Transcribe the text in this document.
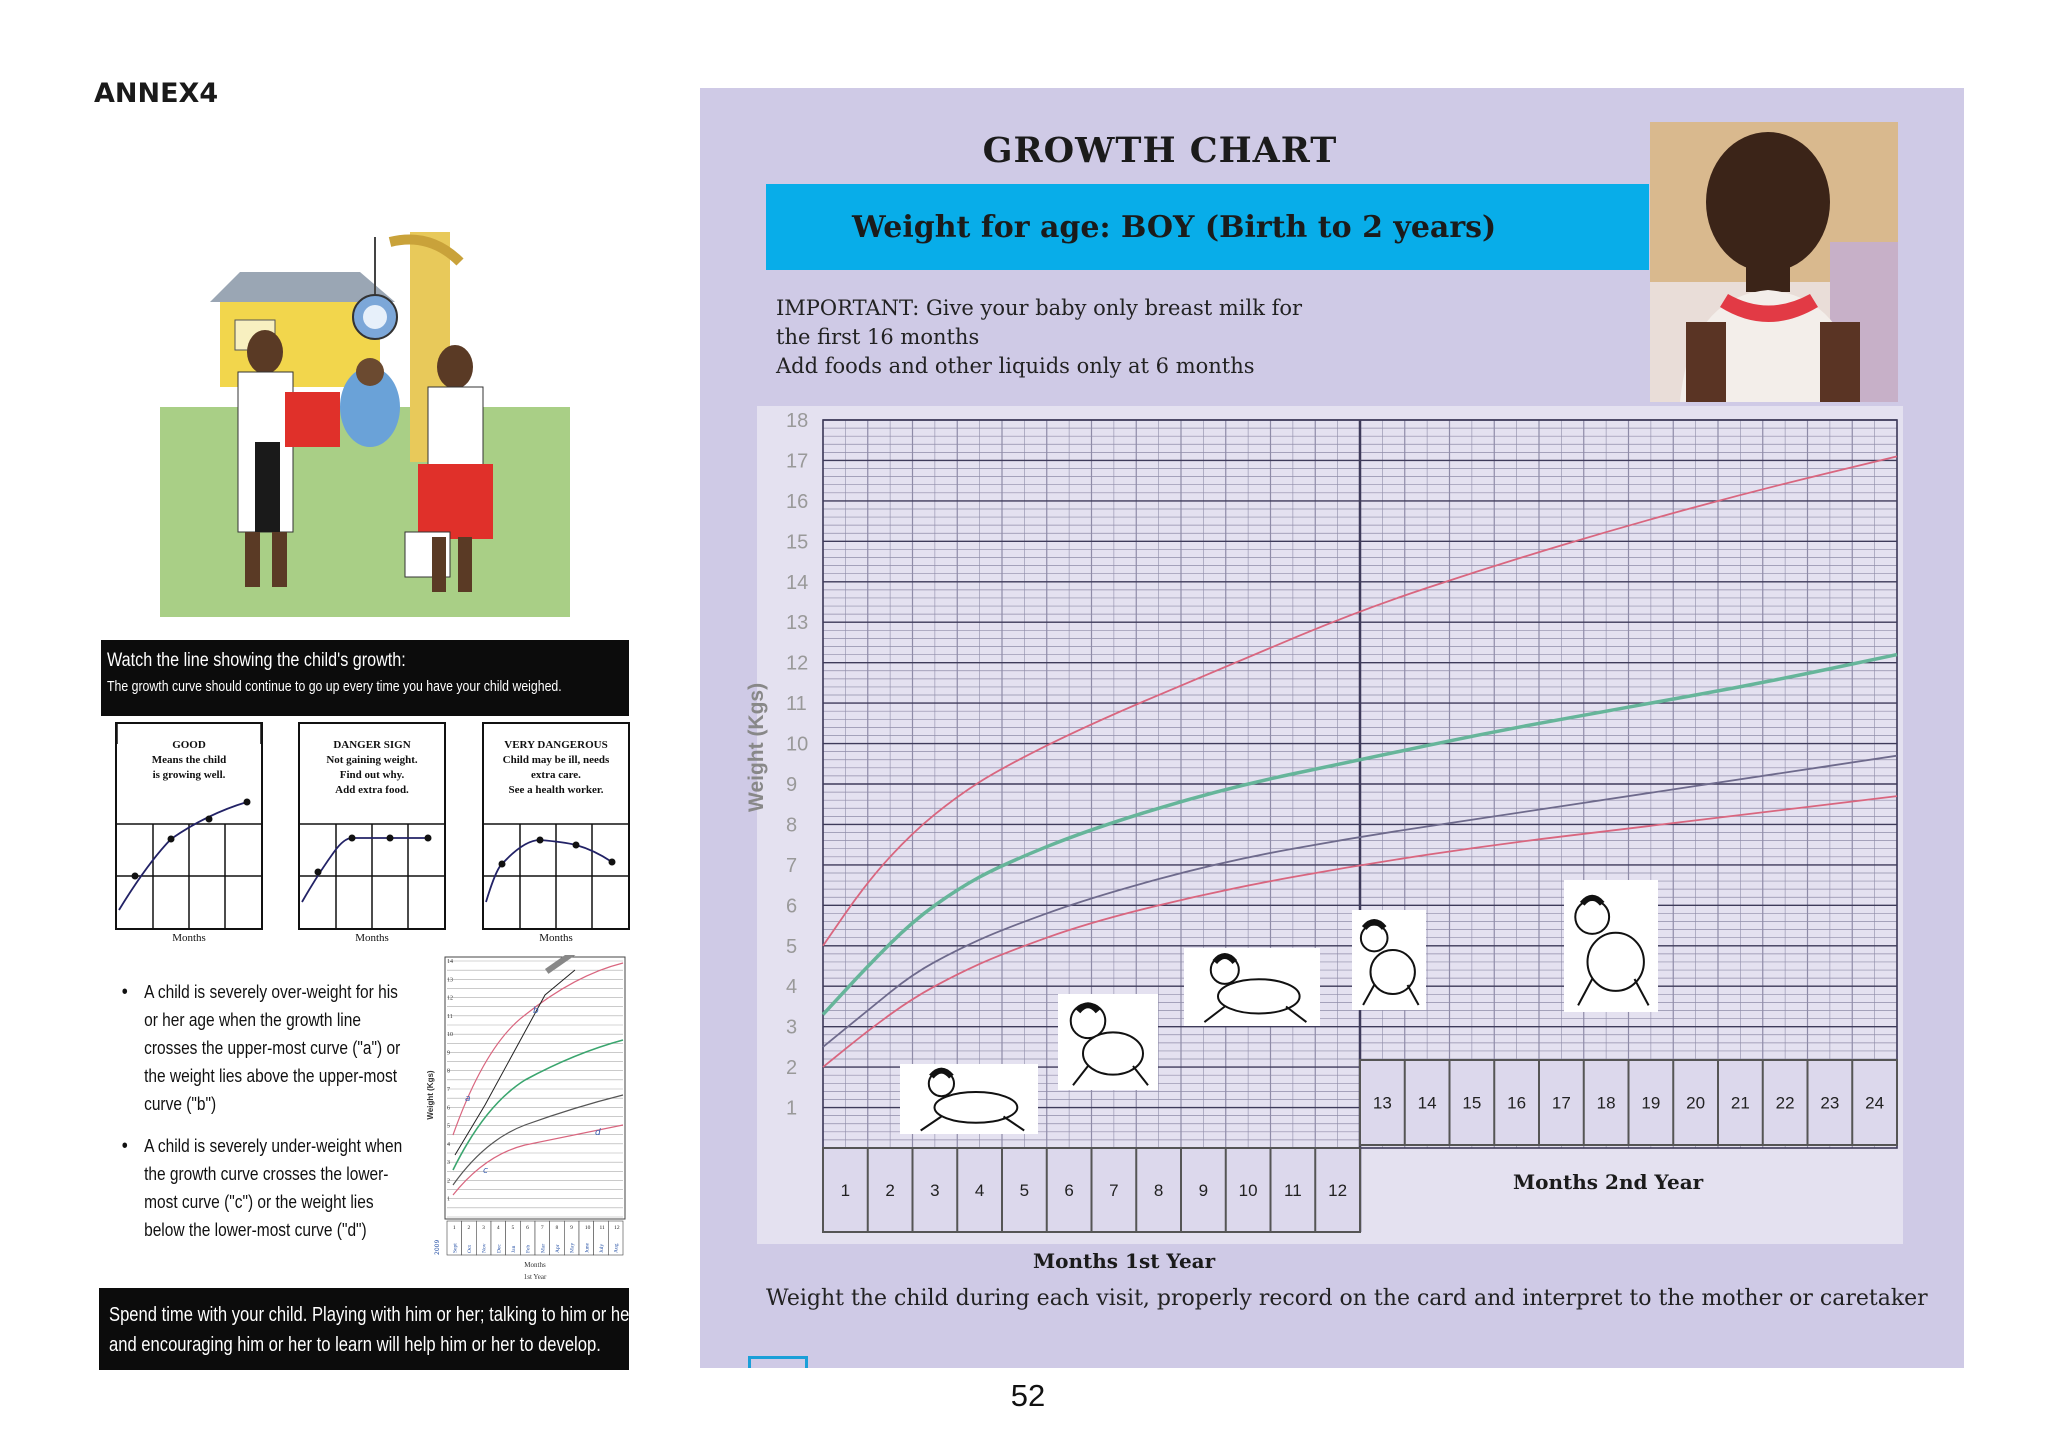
ANNEX4
Watch the line showing the child's growth:
The growth curve should continue to go up every time you have your child weighed.
GOOD
Means the child
is growing well.
Months
DANGER SIGN
Not gaining weight.
Find out why.
Add extra food.
Months
VERY DANGEROUS
Child may be ill, needs
extra care.
See a health worker.
Months
• A child is severely over-weight for his or her age when the growth line crosses the upper-most curve ("a") or the weight lies above the upper-most curve ("b")
• A child is severely under-weight when the growth curve crosses the lower-most curve ("c") or the weight lies below the lower-most curve ("d")
1
2
3
4
5
6
7
8
9
10
11
12
13
14
Weight (Kgs)	a
b
c
d
1
Sept
2
Oct
3
Nov
4
Dec
5
Jan
6
Feb
7
Mar
8
Apr
9
May
10
June
11
July
12
Aug
2009
Months
1st Year
Spend time with your child. Playing with him or her; talking to him or her;
and encouraging him or her to learn will help him or her to develop.
GROWTH CHART
Weight for age: BOY (Birth to 2 years)
IMPORTANT: Give your baby only breast milk for
the first 16 months
Add foods and other liquids only at 6 months
1
2
3
4
5
6
7
8
9
10
11
12
13
14
15
16
17
18
1 2 3 4 5 6 7 8 9 10 11 12
13 14 15 16 17 18 19 20 21 22 23 24
Weight (Kgs)
Months 1st Year
Months 2nd Year
Weight the child during each visit, properly record on the card and interpret to the mother or caretaker
52
